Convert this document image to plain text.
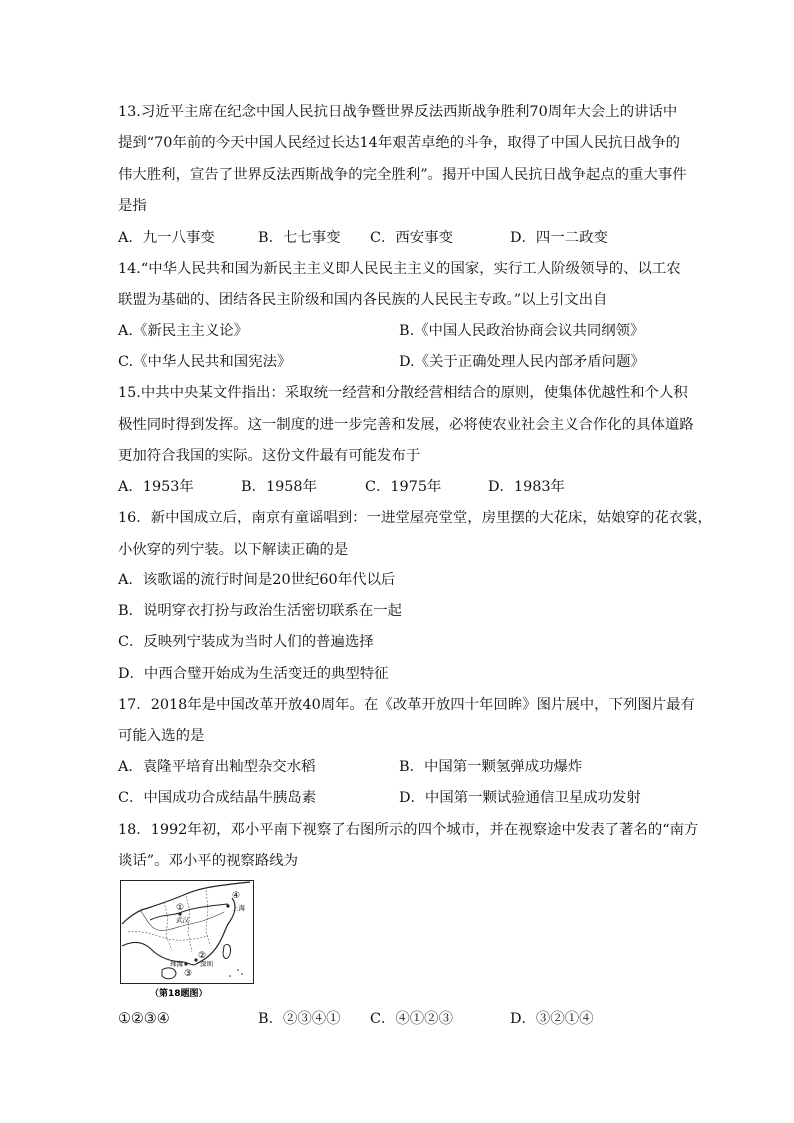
13.习近平主席在纪念中国人民抗日战争暨世界反法西斯战争胜利70周年大会上的讲话中
提到“70年前的今天中国人民经过长达14年艰苦卓绝的斗争，取得了中国人民抗日战争的
伟大胜利，宣告了世界反法西斯战争的完全胜利”。揭开中国人民抗日战争起点的重大事件
是指
A．九一八事变	B．七七事变 C．西安事变	D．四一二政变
14.“中华人民共和国为新民主主义即人民民主主义的国家，实行工人阶级领导的、以工农
联盟为基础的、团结各民主阶级和国内各民族的人民民主专政。”以上引文出自
A.《新民主主义论》	B.《中国人民政治协商会议共同纲领》
C.《中华人民共和国宪法》	D.《关于正确处理人民内部矛盾问题》
15.中共中央某文件指出：采取统一经营和分散经营相结合的原则，使集体优越性和个人积
极性同时得到发挥。这一制度的进一步完善和发展，必将使农业社会主义合作化的具体道路
更加符合我国的实际。这份文件最有可能发布于
A．1953年	B．1958年	C．1975年	D．1983年
16．新中国成立后，南京有童谣唱到：一进堂屋亮堂堂，房里摆的大花床，姑娘穿的花衣裳，
小伙穿的列宁装。以下解读正确的是
A．该歌谣的流行时间是20世纪60年代以后
B．说明穿衣打扮与政治生活密切联系在一起
C．反映列宁装成为当时人们的普遍选择
D．中西合璧开始成为生活变迁的典型特征
17．2018年是中国改革开放40周年。在《改革开放四十年回眸》图片展中，下列图片最有
可能入选的是
A．袁隆平培育出籼型杂交水稻	B．中国第一颗氢弹成功爆炸
C．中国成功合成结晶牛胰岛素	D．中国第一颗试验通信卫星成功发射
18．1992年初，邓小平南下视察了右图所示的四个城市，并在视察途中发表了著名的“南方
谈话”。邓小平的视察路线为
①
④
②
③
武汉
上海
深圳
珠海
（第18题图）
①②③④	B．②③④① C．④①②③	D．③②①④
